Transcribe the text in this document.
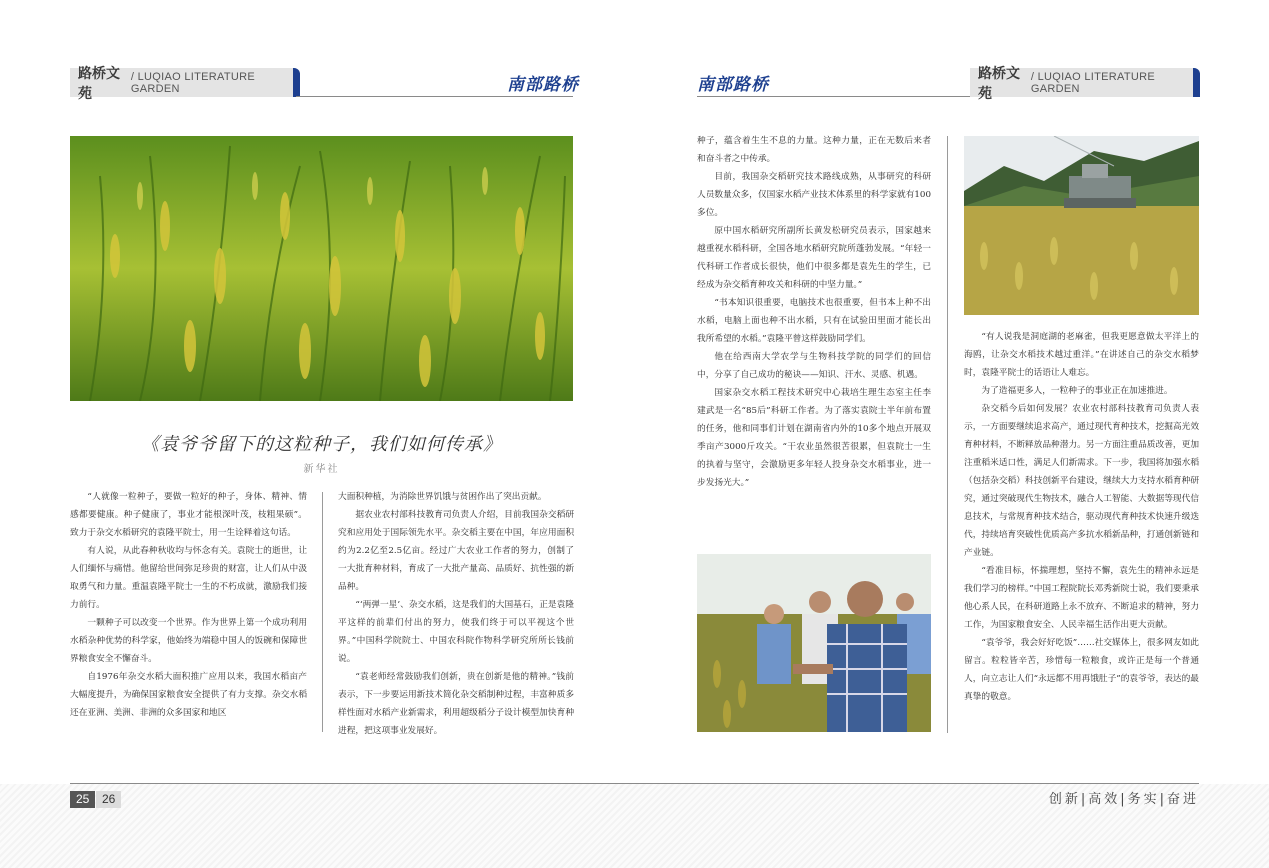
路桥文苑
/ LUQIAO LITERATURE GARDEN	南部路桥	南部路桥
路桥文苑
/ LUQIAO LITERATURE GARDEN
《袁爷爷留下的这粒种子，我们如何传承》
新华社

“人就像一粒种子，要做一粒好的种子，身体、精神、情感都要健康。种子健康了，事业才能根深叶茂，枝粗果硕”。致力于杂交水稻研究的袁隆平院士，用一生诠释着这句话。

有人说，从此春种秋收均与怀念有关。袁院士的逝世，让人们缅怀与痛惜。他留给世间弥足珍贵的财富，让人们从中汲取勇气和力量。重温袁隆平院士一生的不朽成就，激励我们接力前行。

一颗种子可以改变一个世界。作为世界上第一个成功利用水稻杂种优势的科学家，他始终为端稳中国人的饭碗和保障世界粮食安全不懈奋斗。

自1976年杂交水稻大面积推广应用以来，我国水稻亩产大幅度提升，为确保国家粮食安全提供了有力支撑。杂交水稻还在亚洲、美洲、非洲的众多国家和地区

大面积种植，为消除世界饥饿与贫困作出了突出贡献。

据农业农村部科技教育司负责人介绍，目前我国杂交稻研究和应用处于国际领先水平。杂交稻主要在中国，年应用面积约为2.2亿至2.5亿亩。经过广大农业工作者的努力，创制了一大批育种材料，育成了一大批产量高、品质好、抗性强的新品种。

“‘两弹一星’、杂交水稻，这是我们的大国基石，正是袁隆平这样的前辈们付出的努力，使我们终于可以平视这个世界。”中国科学院院士、中国农科院作物科学研究所所长钱前说。

“袁老师经常鼓励我们创新，贵在创新是他的精神。”钱前表示，下一步要运用新技术简化杂交稻制种过程，丰富种质多样性面对水稻产业新需求，利用超级稻分子设计模型加快育种进程，把这项事业发展好。

种子，蕴含着生生不息的力量。这种力量，正在无数后来者和奋斗者之中传承。

目前，我国杂交稻研究技术路线成熟，从事研究的科研人员数量众多，仅国家水稻产业技术体系里的科学家就有100多位。

原中国水稻研究所副所长黄发松研究员表示，国家越来越重视水稻科研，全国各地水稻研究院所蓬勃发展。“年轻一代科研工作者成长很快，他们中很多都是袁先生的学生，已经成为杂交稻育种攻关和科研的中坚力量。”

“书本知识很重要，电脑技术也很重要，但书本上种不出水稻，电脑上面也种不出水稻，只有在试验田里面才能长出我所希望的水稻。”袁隆平曾这样鼓励同学们。

他在给西南大学农学与生物科技学院的同学们的回信中，分享了自己成功的秘诀——知识、汗水、灵感、机遇。

国家杂交水稻工程技术研究中心栽培生理生态室主任李建武是一名“85后”科研工作者。为了落实袁院士半年前布置的任务，他和同事们计划在湖南省内外的10多个地点开展双季亩产3000斤攻关。“干农业虽然很苦很累，但袁院士一生的执着与坚守，会激励更多年轻人投身杂交水稻事业，进一步发扬光大。”

“有人说我是洞庭湖的老麻雀，但我更愿意做太平洋上的海鸥，让杂交水稻技术越过重洋。”在讲述自己的杂交水稻梦时，袁隆平院士的话语让人难忘。

为了造福更多人，一粒种子的事业正在加速推进。

杂交稻今后如何发展？农业农村部科技教育司负责人表示，一方面要继续追求高产，通过现代育种技术，挖掘高光效育种材料，不断释放品种潜力。另一方面注重品质改善，更加注重稻米适口性，满足人们新需求。下一步，我国将加强水稻（包括杂交稻）科技创新平台建设，继续大力支持水稻育种研究，通过突破现代生物技术，融合人工智能、大数据等现代信息技术，与常规育种技术结合，驱动现代育种技术快速升级迭代，持续培育突破性优质高产多抗水稻新品种，打通创新链和产业链。

“看准目标，怀揣理想，坚持不懈，袁先生的精神永远是我们学习的榜样。”中国工程院院长邓秀新院士说，我们要秉承他心系人民，在科研道路上永不放弃、不断追求的精神，努力工作，为国家粮食安全、人民幸福生活作出更大贡献。

“袁爷爷，我会好好吃饭”……社交媒体上，很多网友如此留言。粒粒皆辛苦，珍惜每一粒粮食，或许正是每一个普通人，向立志让人们“永远都不用再饿肚子”的袁爷爷，表达的最真挚的敬意。

25	26	创新|高效|务实|奋进
